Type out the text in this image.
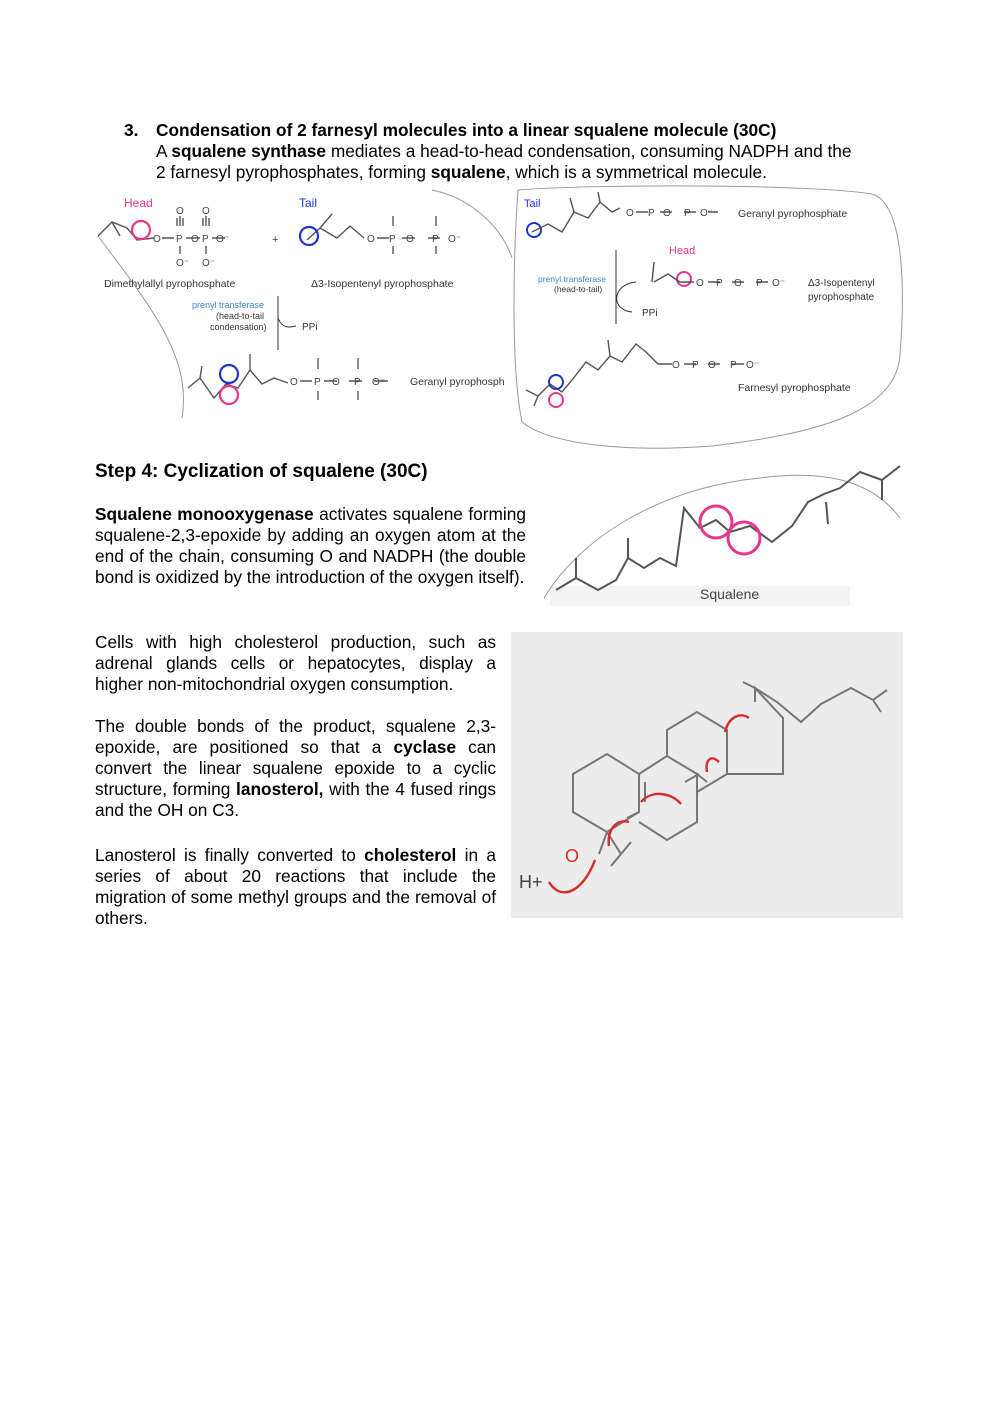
3. Condensation of 2 farnesyl molecules into a linear squalene molecule (30C)
A squalene synthase mediates a head-to-head condensation, consuming NADPH and the
2 farnesyl pyrophosphates, forming squalene, which is a symmetrical molecule.
Head	Tail
O P O P O⁻
O O
O⁻ O⁻
+	O P O P O⁻
Dimethylallyl pyrophosphate	Δ3-Isopentenyl pyrophosphate
prenyl transferase
(head-to-tail
condensation)	PPi
O P O P O⁻ Geranyl pyrophosph
Tail
O P O P O⁻ Geranyl pyrophosphate
Head
O P O P O⁻ Δ3-Isopentenyl
pyrophosphate
prenyl transferase
(head-to-tail)
PPi
O P O P O⁻
Farnesyl pyrophosphate
Step 4: Cyclization of squalene (30C)
Squalene monooxygenase activates squalene forming squalene-2,3-epoxide by adding an oxygen atom at the end of the chain, consuming O and NADPH (the double bond is oxidized by the introduction of the oxygen itself).
Cells with high cholesterol production, such as adrenal glands cells or hepatocytes, display a higher non-mitochondrial oxygen consumption.
The double bonds of the product, squalene 2,3-epoxide, are positioned so that a cyclase can convert the linear squalene epoxide to a cyclic structure, forming lanosterol, with the 4 fused rings and the OH on C3.
Lanosterol is finally converted to cholesterol in a series of about 20 reactions that include the migration of some methyl groups and the removal of others.
Squalene
O
H+
